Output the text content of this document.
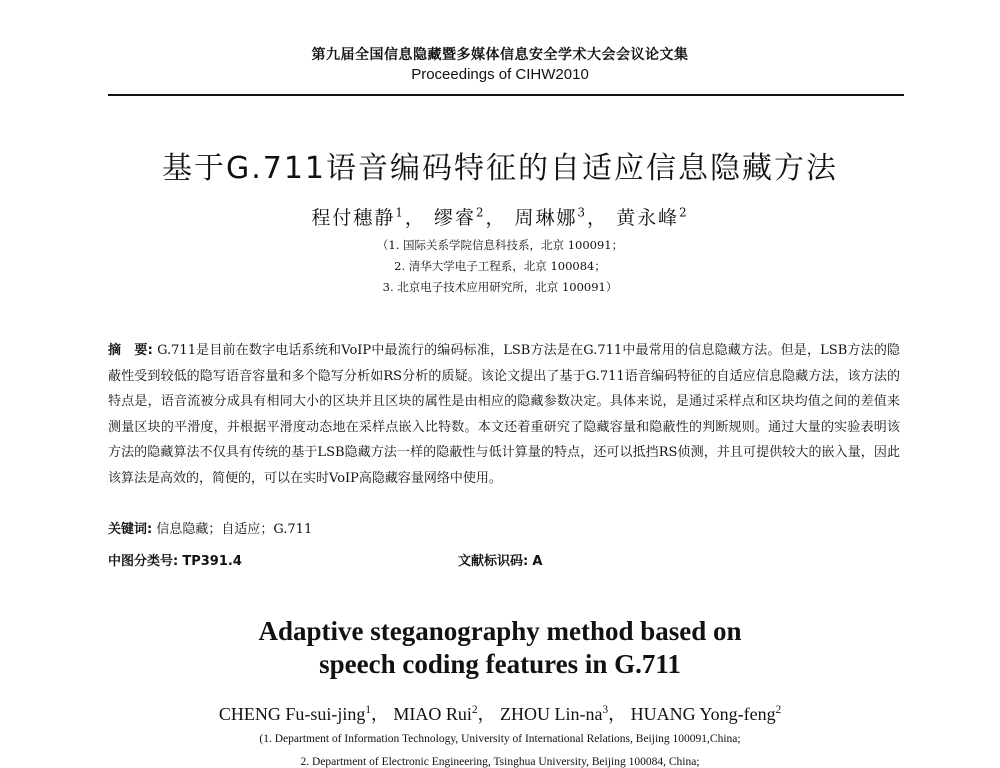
第九届全国信息隐藏暨多媒体信息安全学术大会会议论文集
Proceedings of CIHW2010
基于G.711语音编码特征的自适应信息隐藏方法
程付穗静$^1$， 缪睿$^2$， 周琳娜$^3$， 黄永峰$^2$
（1. 国际关系学院信息科技系，北京 100091；
2. 清华大学电子工程系，北京 100084；
3. 北京电子技术应用研究所，北京 100091）
摘　要: G.711是目前在数字电话系统和VoIP中最流行的编码标准，LSB方法是在G.711中最常用的信息隐藏方法。但是，LSB方法的隐蔽性受到较低的隐写语音容量和多个隐写分析如RS分析的质疑。该论文提出了基于G.711语音编码特征的自适应信息隐藏方法，该方法的特点是，语音流被分成具有相同大小的区块并且区块的属性是由相应的隐藏参数决定。具体来说，是通过采样点和区块均值之间的差值来测量区块的平滑度，并根据平滑度动态地在采样点嵌入比特数。本文还着重研究了隐藏容量和隐蔽性的判断规则。通过大量的实验表明该方法的隐藏算法不仅具有传统的基于LSB隐藏方法一样的隐蔽性与低计算量的特点，还可以抵挡RS侦测，并且可提供较大的嵌入量，因此该算法是高效的，简便的，可以在实时VoIP高隐藏容量网络中使用。
关键词: 信息隐藏；自适应；G.711
中图分类号: TP391.4	文献标识码: A
Adaptive steganography method based on
speech coding features in G.711
CHENG Fu-sui-jing$^1$， MIAO Rui$^2$， ZHOU Lin-$na^3$， HUANG Yong-feng$^2$
(1. Department of Information Technology, University of International Relations, Beijing 100091,China;
2. Department of Electronic Engineering, Tsinghua University, Beijing 100084, China;
